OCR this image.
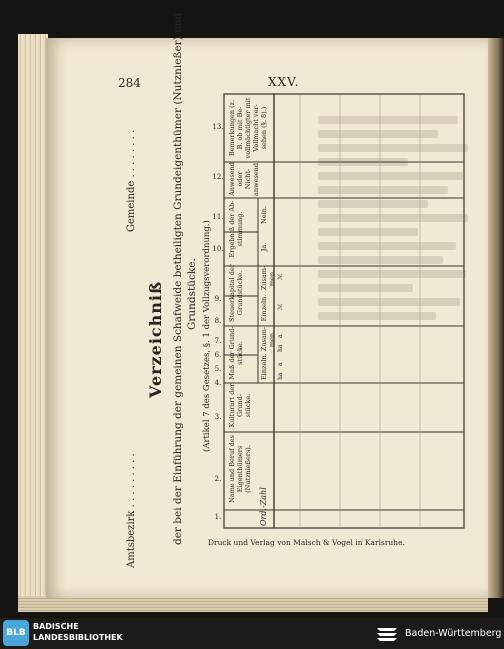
284	XXV.
Amtsbezirk . . . . . . . . .
Gemeinde . . . . . . . .
Verzeichniß der bei der Einführung der gemeinen Schafweide betheiligten Grundeigenthümer (Nutznießer) und Grundstücke. (Artikel 7 des Gesetzes, §. 1 der Vollzugsverordnung.)
1.
2.
3.
4.
5.
6.
7.
8.
9.
10.
11.
12.
13.
Name und Beruf des Eigenthümers (Nutznießers).
Kulturart der Grund-stücke.
Maß der Grund-stücke.
Einzeln.
Zusam-men.
Steuerkapital der Grundstücke. Einzeln.
Zusam-men.
Ergebniß der Ab-stimmung.
Ja.
Nein.
Anwesend oder Nicht-anwesend.
Bemerkungen (z. B. ob mit Be-vollmächtigter mit Vollmacht ver-sehen (§. 8).)
ha
a
ha
a
ℳ
ℳ
Ord.-Zahl
Druck und Verlag von Malsch & Vogel in Karlsruhe.
BLB
BADISCHE
LANDESBIBLIOTHEK	Baden-Württemberg
